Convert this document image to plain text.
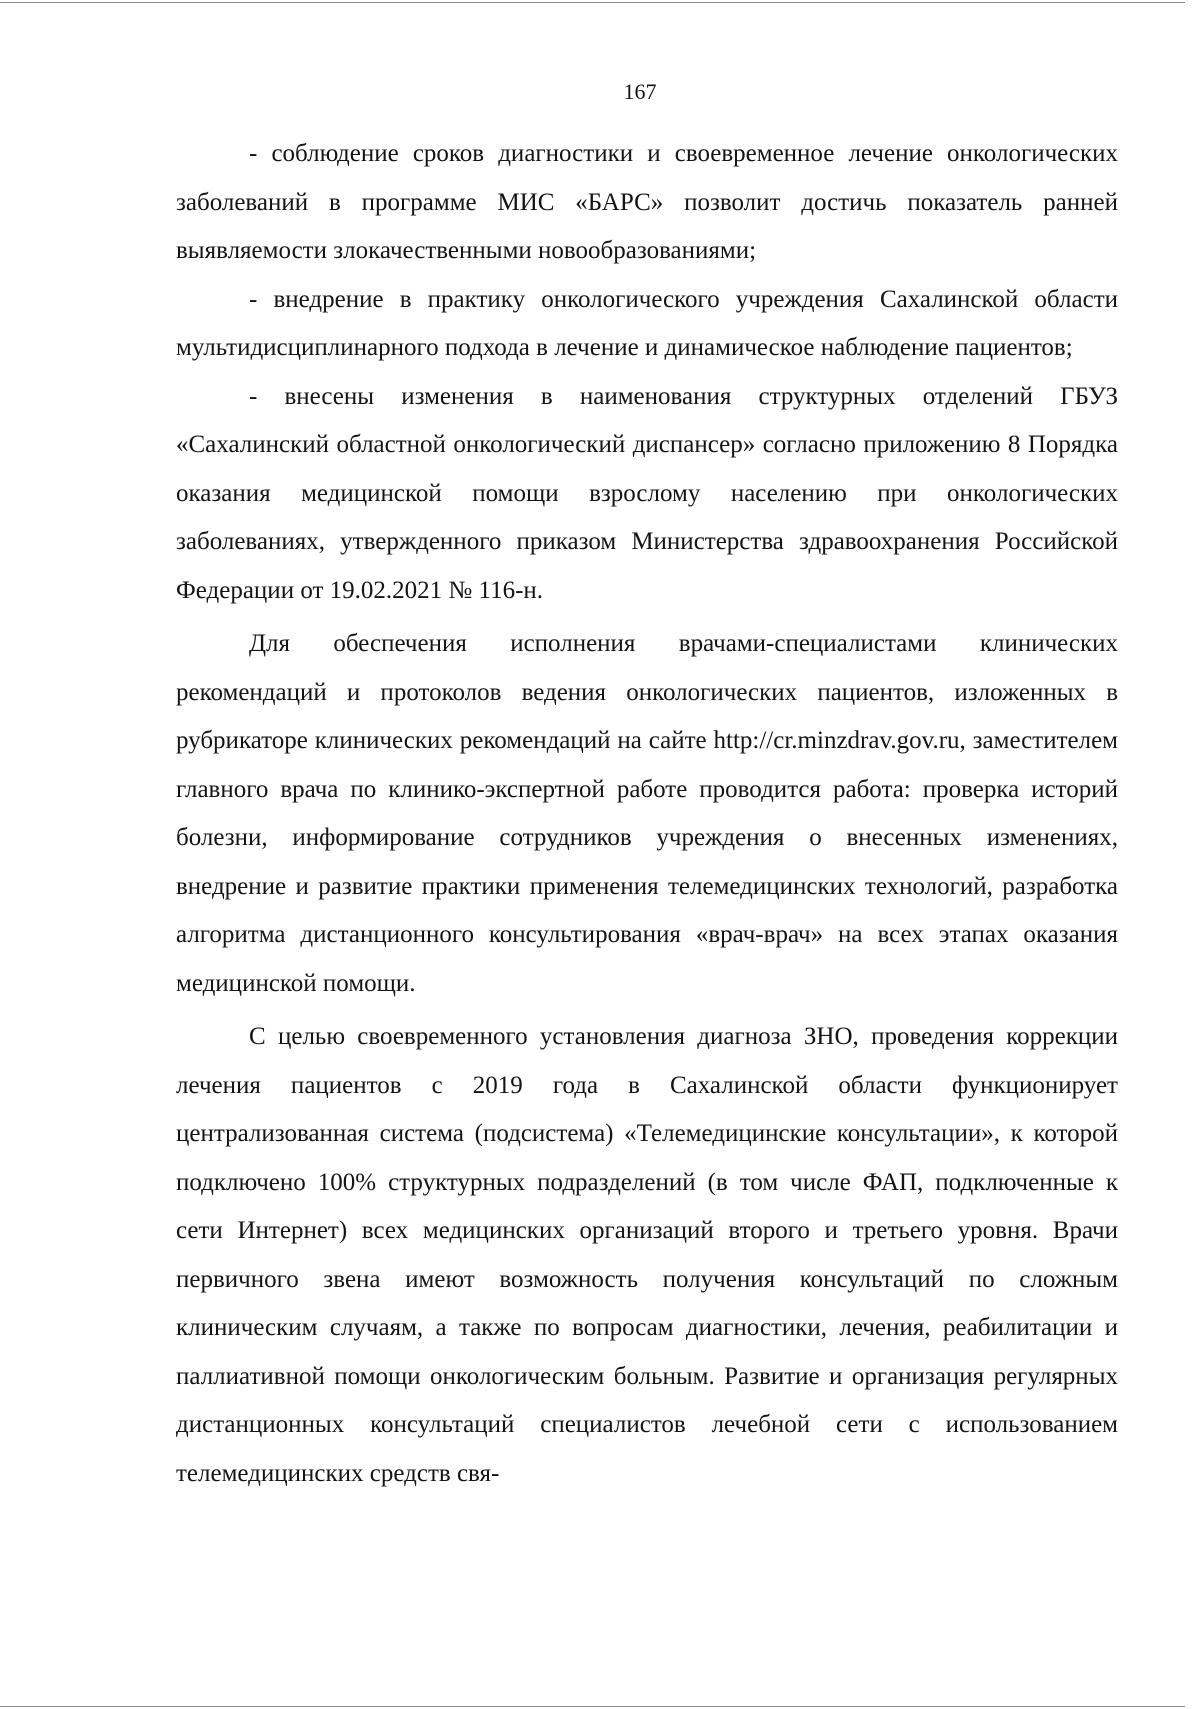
167

- соблюдение сроков диагностики и своевременное лечение онкологических заболеваний в программе МИС «БАРС» позволит достичь показатель ранней выявляемости злокачественными новообразованиями;

- внедрение в практику онкологического учреждения Сахалинской области мультидисциплинарного подхода в лечение и динамическое наблюдение пациентов;

- внесены изменения в наименования структурных отделений ГБУЗ «Сахалинский областной онкологический диспансер» согласно приложению 8 Порядка оказания медицинской помощи взрослому населению при онкологических заболеваниях, утвержденного приказом Министерства здравоохранения Российской Федерации от 19.02.2021 № 116-н.

Для обеспечения исполнения врачами-специалистами клинических рекомендаций и протоколов ведения онкологических пациентов, изложенных в рубрикаторе клинических рекомендаций на сайте http://cr.minzdrav.gov.ru, заместителем главного врача по клинико-экспертной работе проводится работа: проверка историй болезни, информирование сотрудников учреждения о внесенных изменениях, внедрение и развитие практики применения телемедицинских технологий, разработка алгоритма дистанционного консультирования «врач-врач» на всех этапах оказания медицинской помощи.

С целью своевременного установления диагноза ЗНО, проведения коррекции лечения пациентов с 2019 года в Сахалинской области функционирует централизованная система (подсистема) «Телемедицинские консультации», к которой подключено 100% структурных подразделений (в том числе ФАП, подключенные к сети Интернет) всех медицинских организаций второго и третьего уровня. Врачи первичного звена имеют возможность получения консультаций по сложным клиническим случаям, а также по вопросам диагностики, лечения, реабилитации и паллиативной помощи онкологическим больным. Развитие и организация регулярных дистанционных консультаций специалистов лечебной сети с использованием телемедицинских средств свя-
